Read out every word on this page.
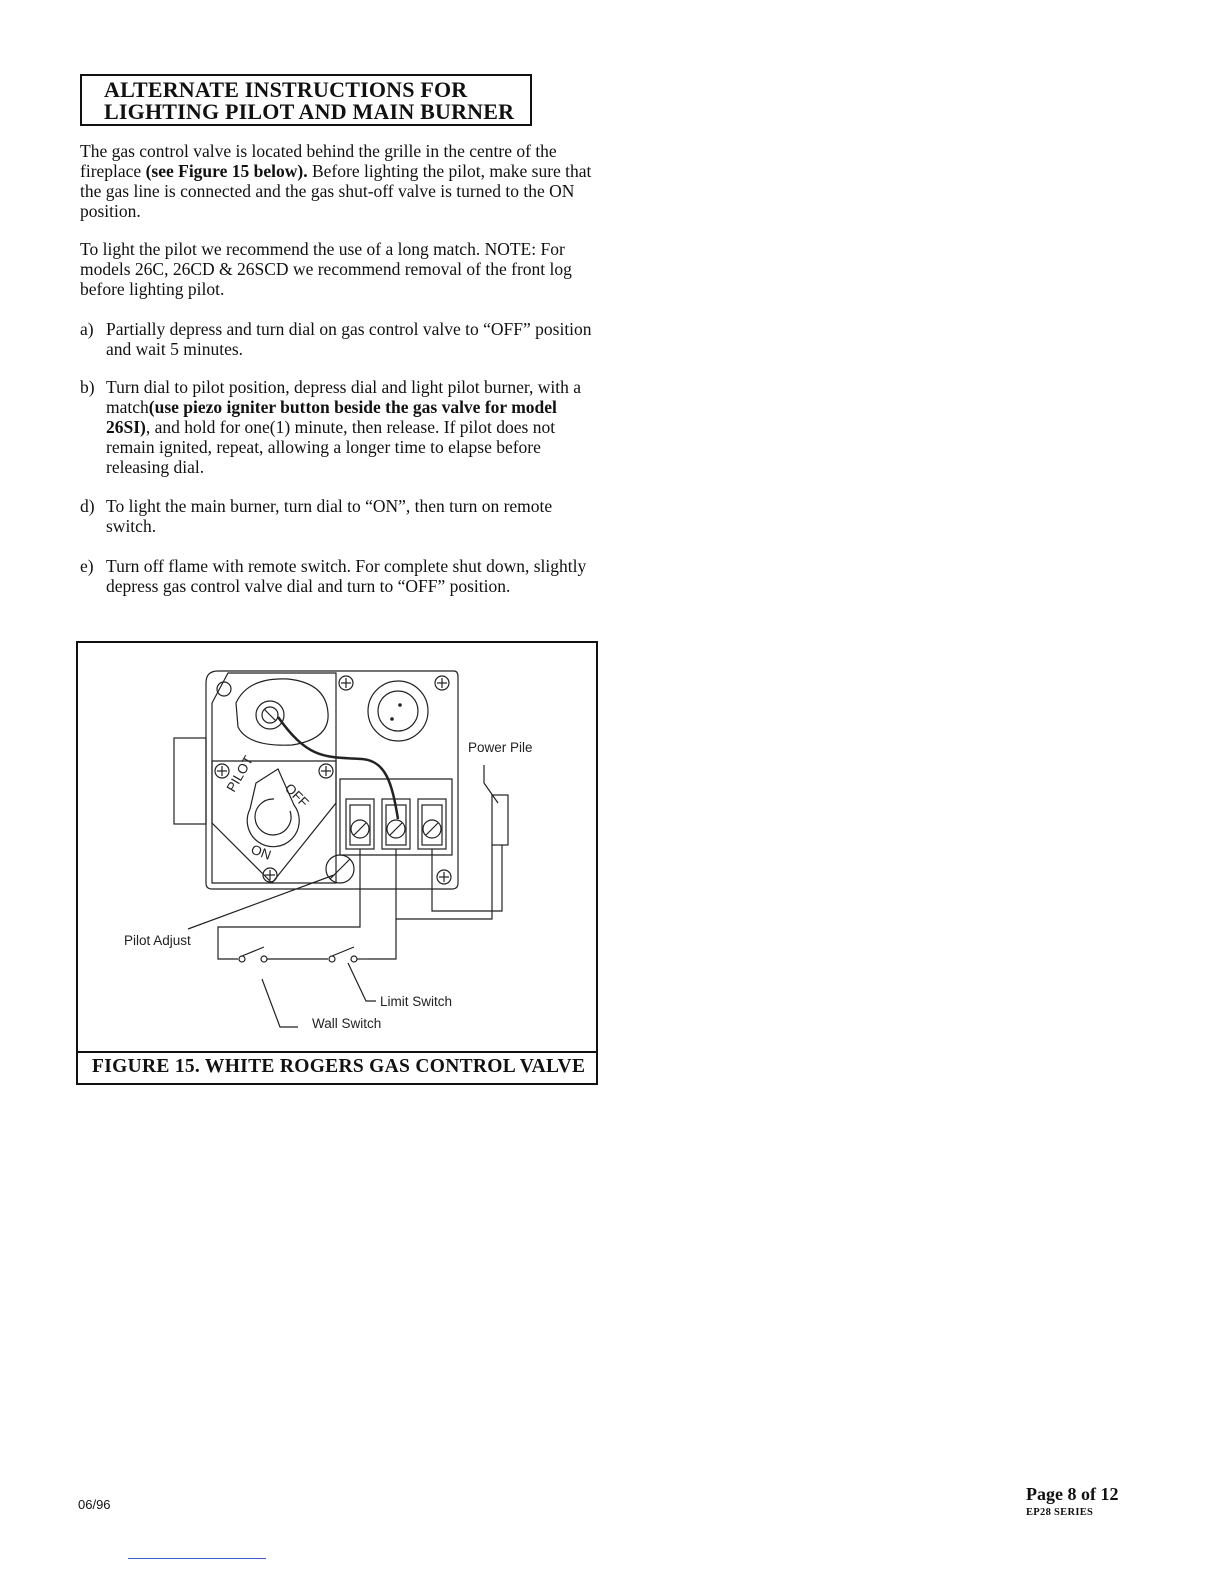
ALTERNATE INSTRUCTIONS FOR
LIGHTING PILOT AND MAIN BURNER

The gas control valve is located behind the grille in the centre of the fireplace (see Figure 15 below). Before lighting the pilot, make sure that the gas line is connected and the gas shut-off valve is turned to the ON position.

To light the pilot we recommend the use of a long match. NOTE: For models 26C, 26CD & 26SCD we recommend removal of the front log before lighting pilot.

a) Partially depress and turn dial on gas control valve to “OFF” position and wait 5 minutes.
b) Turn dial to pilot position, depress dial and light pilot burner, with a match(use piezo igniter button beside the gas valve for model 26SI), and hold for one(1) minute, then release. If pilot does not remain ignited, repeat, allowing a longer time to elapse before releasing dial.
d) To light the main burner, turn dial to “ON”, then turn on remote switch.
e) Turn off flame with remote switch. For complete shut down, slightly depress gas control valve dial and turn to “OFF” position.
PILOT
OFF
ON
Power Pile
Pilot Adjust
Limit Switch
Wall Switch
FIGURE 15. WHITE ROGERS GAS CONTROL VALVE
06/96
Page 8 of 12
EP28 SERIES
